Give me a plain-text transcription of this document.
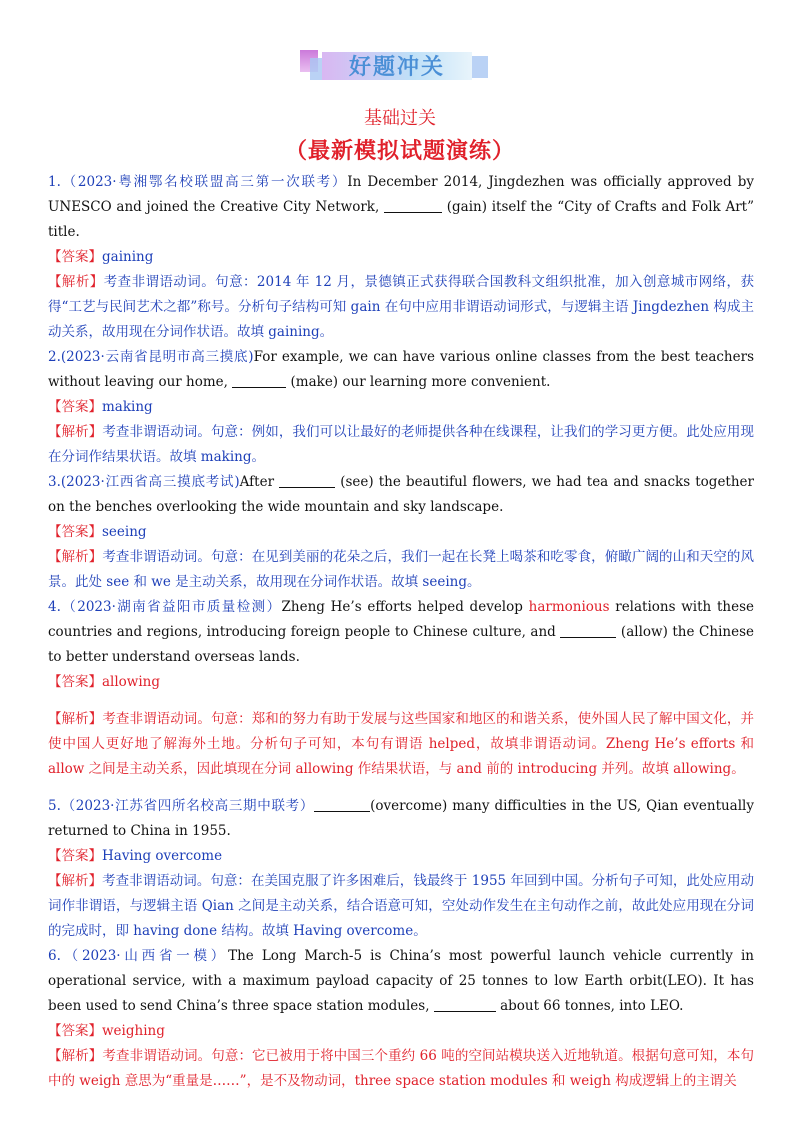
好题冲关
基础过关
（最新模拟试题演练）

1.（2023·粤湘鄂名校联盟高三第一次联考）In December 2014, Jingdezhen was officially approved by UNESCO and joined the Creative City Network,	(gain) itself the “City of Crafts and Folk Art” title.

【答案】gaining

【解析】考查非谓语动词。句意：2014 年 12 月，景德镇正式获得联合国教科文组织批准，加入创意城市网络，获得“工艺与民间艺术之都”称号。分析句子结构可知 gain 在句中应用非谓语动词形式，与逻辑主语 Jingdezhen 构成主动关系，故用现在分词作状语。故填 gaining。

2.(2023·云南省昆明市高三摸底)For example, we can have various online classes from the best teachers without leaving our home,	(make) our learning more convenient.

【答案】making

【解析】考查非谓语动词。句意：例如，我们可以让最好的老师提供各种在线课程，让我们的学习更方便。此处应用现在分词作结果状语。故填 making。

3.(2023·江西省高三摸底考试)After	(see) the beautiful flowers, we had tea and snacks together on the benches overlooking the wide mountain and sky landscape.

【答案】seeing

【解析】考查非谓语动词。句意：在见到美丽的花朵之后，我们一起在长凳上喝茶和吃零食，俯瞰广阔的山和天空的风景。此处 see 和 we 是主动关系，故用现在分词作状语。故填 seeing。

4.（2023·湖南省益阳市质量检测）Zheng He’s efforts helped develop harmonious relations with these countries and regions, introducing foreign people to Chinese culture, and	(allow) the Chinese to better understand overseas lands.

【答案】allowing

【解析】考查非谓语动词。句意：郑和的努力有助于发展与这些国家和地区的和谐关系，使外国人民了解中国文化，并使中国人更好地了解海外土地。分析句子可知，本句有谓语 helped，故填非谓语动词。Zheng He’s efforts 和 allow 之间是主动关系，因此填现在分词 allowing 作结果状语，与 and 前的 introducing 并列。故填 allowing。

5.（2023·江苏省四所名校高三期中联考）	(overcome) many difficulties in the US, Qian eventually returned to China in 1955.

【答案】Having overcome

【解析】考查非谓语动词。句意：在美国克服了许多困难后，钱最终于 1955 年回到中国。分析句子可知，此处应用动词作非谓语，与逻辑主语 Qian 之间是主动关系，结合语意可知，空处动作发生在主句动作之前，故此处应用现在分词的完成时，即 having done 结构。故填 Having overcome。

6.（2023·山西省一模）The Long March-5 is China’s most powerful launch vehicle currently in operational service, with a maximum payload capacity of 25 tonnes to low Earth orbit(LEO). It has been used to send China’s three space station modules,	about 66 tonnes, into LEO.

【答案】weighing

【解析】考查非谓语动词。句意：它已被用于将中国三个重约 66 吨的空间站模块送入近地轨道。根据句意可知，本句中的 weigh 意思为“重量是……”，是不及物动词，three space station modules 和 weigh 构成逻辑上的主谓关
